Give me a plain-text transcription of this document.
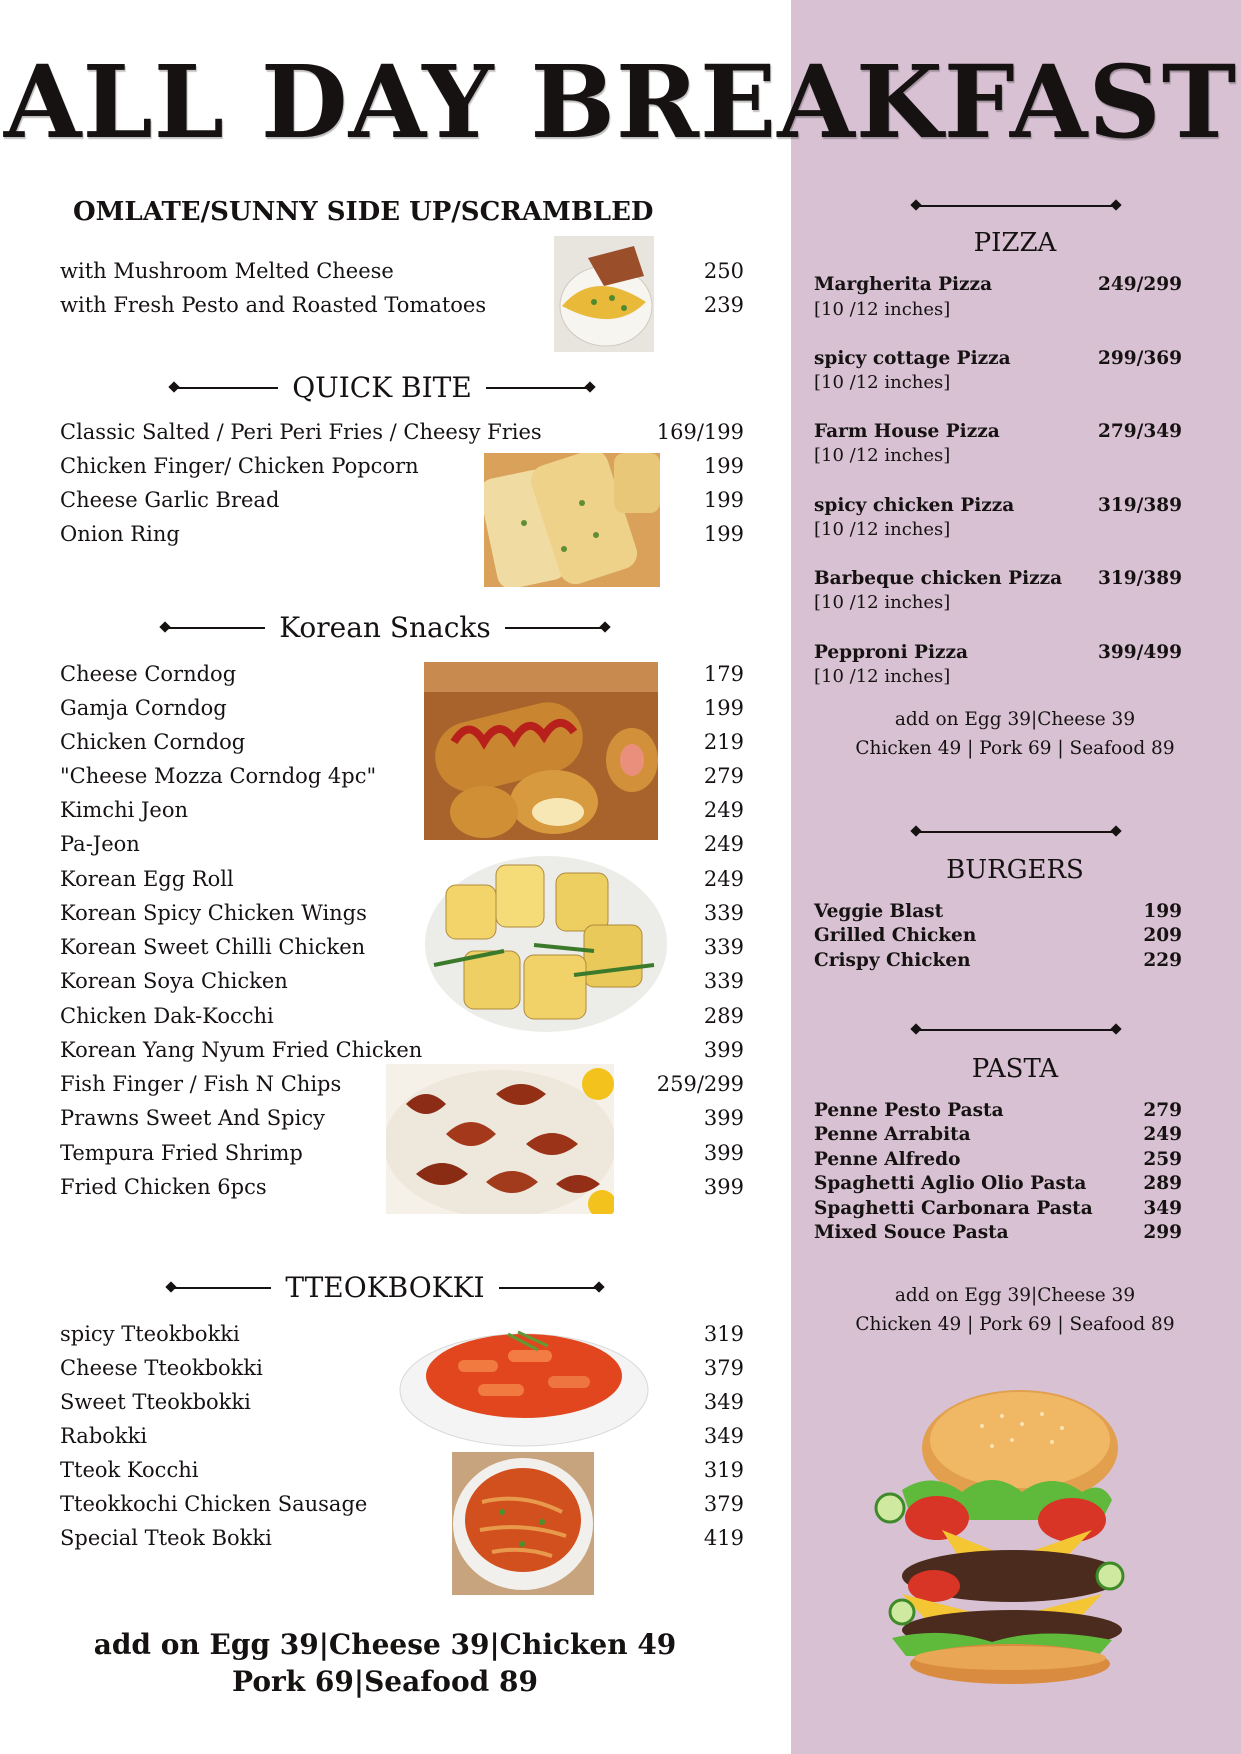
ALL DAY BREAKFAST
OMLATE/SUNNY SIDE UP/SCRAMBLED
with Mushroom Melted Cheese	250
with Fresh Pesto and Roasted Tomatoes	239
QUICK BITE
Classic Salted / Peri Peri Fries / Cheesy Fries	169/199
Chicken Finger/ Chicken Popcorn	199
Cheese Garlic Bread	199
Onion Ring	199
Korean Snacks
Cheese Corndog	179
Gamja Corndog	199
Chicken Corndog	219
"Cheese Mozza Corndog 4pc"	279
Kimchi Jeon	249
Pa-Jeon	249
Korean Egg Roll	249
Korean Spicy Chicken Wings	339
Korean Sweet Chilli Chicken	339
Korean Soya Chicken	339
Chicken Dak-Kocchi	289
Korean Yang Nyum Fried Chicken	399
Fish Finger / Fish N Chips	259/299
Prawns Sweet And Spicy	399
Tempura Fried Shrimp	399
Fried Chicken 6pcs	399
TTEOKBOKKI
spicy Tteokbokki	319
Cheese Tteokbokki	379
Sweet Tteokbokki	349
Rabokki	349
Tteok Kocchi	319
Tteokkochi Chicken Sausage	379
Special Tteok Bokki	419
add on Egg 39|Cheese 39|Chicken 49
Pork 69|Seafood 89
PIZZA
Margherita Pizza	249/299
[10 /12 inches]
spicy cottage Pizza	299/369
[10 /12 inches]
Farm House Pizza	279/349
[10 /12 inches]
spicy chicken Pizza	319/389
[10 /12 inches]
Barbeque chicken Pizza 319/389
[10 /12 inches]
Pepproni Pizza	399/499
[10 /12 inches]
add on Egg 39|Cheese 39
Chicken 49 | Pork 69 | Seafood 89
BURGERS
Veggie Blast	199
Grilled Chicken	209
Crispy Chicken	229
PASTA
Penne Pesto Pasta	279
Penne Arrabita	249
Penne Alfredo	259
Spaghetti Aglio Olio Pasta	289
Spaghetti Carbonara Pasta	349
Mixed Souce Pasta	299
add on Egg 39|Cheese 39
Chicken 49 | Pork 69 | Seafood 89
